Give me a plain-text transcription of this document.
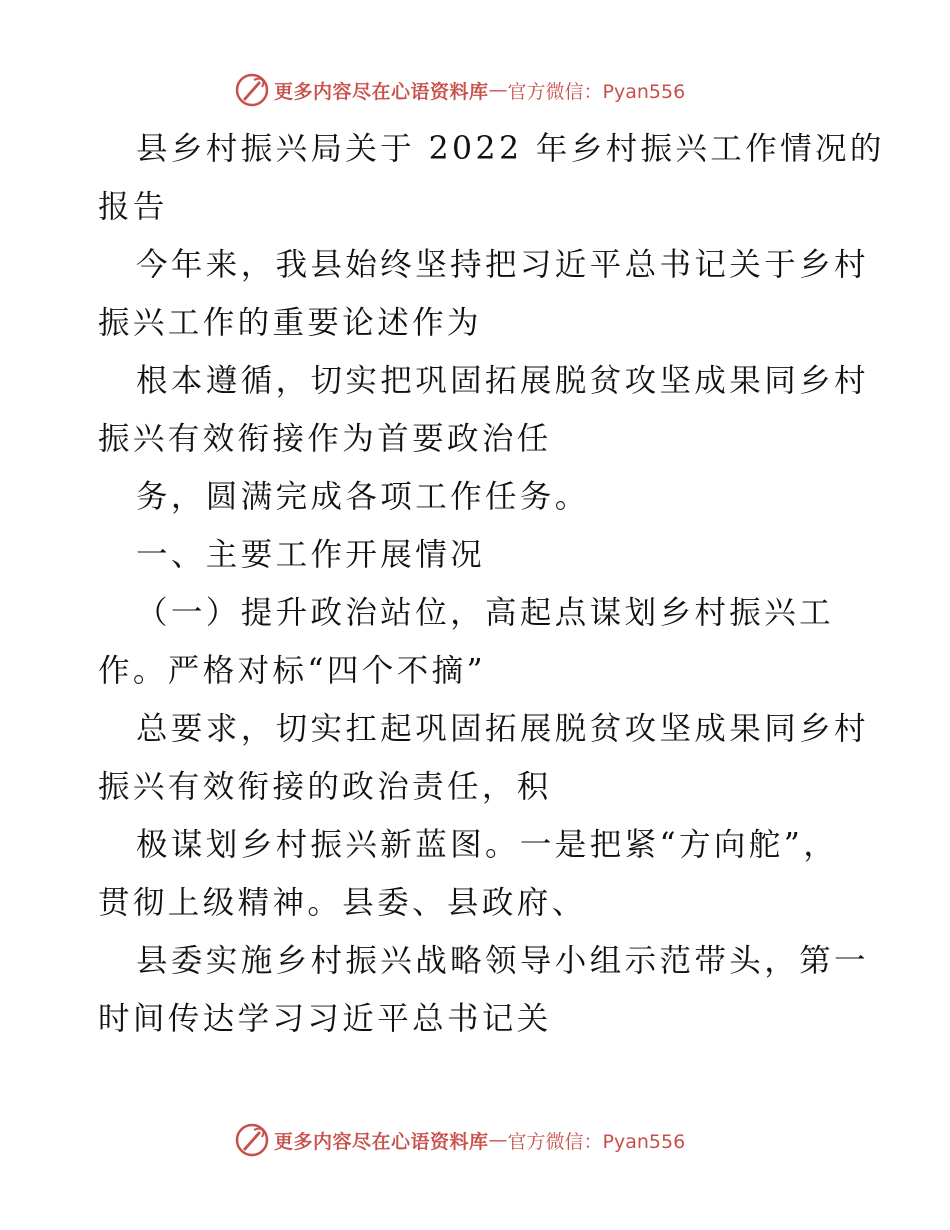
更多内容尽在心语资料库 — 官方微信：Pyan556
县乡村振兴局关于 2022 年乡村振兴工作情况的
报告
今年来，我县始终坚持把习近平总书记关于乡村
振兴工作的重要论述作为
根本遵循，切实把巩固拓展脱贫攻坚成果同乡村
振兴有效衔接作为首要政治任
务，圆满完成各项工作任务。
一、主要工作开展情况
（一）提升政治站位，高起点谋划乡村振兴工
作。严格对标“四个不摘”
总要求，切实扛起巩固拓展脱贫攻坚成果同乡村
振兴有效衔接的政治责任，积
极谋划乡村振兴新蓝图。一是把紧“方向舵”，
贯彻上级精神。县委、县政府、
县委实施乡村振兴战略领导小组示范带头，第一
时间传达学习习近平总书记关
更多内容尽在心语资料库 — 官方微信：Pyan556
